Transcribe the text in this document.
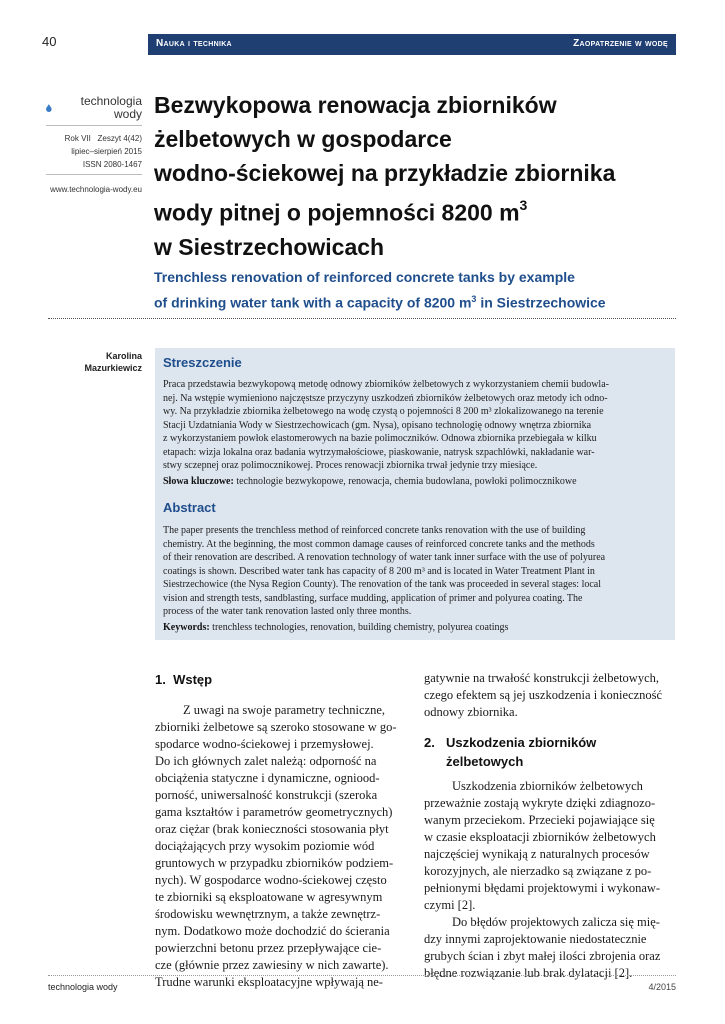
40	Nauka i technika	Zaopatrzenie w wodę
technologia wody
Rok VII   Zeszyt 4(42)
lipiec–sierpień 2015
ISSN 2080-1467
www.technologia-wody.eu
Bezwykopowa renowacja zbiorników
żelbetowych w gospodarce
wodno-ściekowej na przykładzie zbiornika
wody pitnej o pojemności 8200 $m^3$
w Siestrzechowicach
Trenchless renovation of reinforced concrete tanks by example
of drinking water tank with a capacity of 8200 $m^3$ in Siestrzechowice
Karolina
Mazurkiewicz Streszczenie
Praca przedstawia bezwykopową metodę odnowy zbiorników żelbetowych z wykorzystaniem chemii budowla-
nej. Na wstępie wymieniono najczęstsze przyczyny uszkodzeń zbiorników żelbetowych oraz metody ich odno-
wy. Na przykładzie zbiornika żelbetowego na wodę czystą o pojemności 8 200 m³ zlokalizowanego na terenie
Stacji Uzdatniania Wody w Siestrzechowicach (gm. Nysa), opisano technologię odnowy wnętrza zbiornika
z wykorzystaniem powłok elastomerowych na bazie polimoczników. Odnowa zbiornika przebiegała w kilku
etapach: wizja lokalna oraz badania wytrzymałościowe, piaskowanie, natrysk szpachlówki, nakładanie war-
stwy sczepnej oraz polimocznikowej. Proces renowacji zbiornika trwał jedynie trzy miesiące.
Słowa kluczowe: technologie bezwykopowe, renowacja, chemia budowlana, powłoki polimocznikowe
Abstract
The paper presents the trenchless method of reinforced concrete tanks renovation with the use of building
chemistry. At the beginning, the most common damage causes of reinforced concrete tanks and the methods
of their renovation are described. A renovation technology of water tank inner surface with the use of polyurea
coatings is shown. Described water tank has capacity of 8 200 m³ and is located in Water Treatment Plant in
Siestrzechowice (the Nysa Region County). The renovation of the tank was proceeded in several stages: local
vision and strength tests, sandblasting, surface mudding, application of primer and polyurea coating. The
process of the water tank renovation lasted only three months.
Keywords: trenchless technologies, renovation, building chemistry, polyurea coatings
1.  Wstęp
Z uwagi na swoje parametry techniczne,
zbiorniki żelbetowe są szeroko stosowane w go-
spodarce wodno-ściekowej i przemysłowej.
Do ich głównych zalet należą: odporność na
obciążenia statyczne i dynamiczne, ogniood-
porność, uniwersalność konstrukcji (szeroka
gama kształtów i parametrów geometrycznych)
oraz ciężar (brak konieczności stosowania płyt
dociążających przy wysokim poziomie wód
gruntowych w przypadku zbiorników podziem-
nych). W gospodarce wodno-ściekowej często
te zbiorniki są eksploatowane w agresywnym
środowisku wewnętrznym, a także zewnętrz-
nym. Dodatkowo może dochodzić do ścierania
powierzchni betonu przez przepływające cie-
cze (głównie przez zawiesiny w nich zawarte).
Trudne warunki eksploatacyjne wpływają ne-
gatywnie na trwałość konstrukcji żelbetowych,
czego efektem są jej uszkodzenia i konieczność
odnowy zbiornika.
2. Uszkodzenia zbiorników
żelbetowych
Uszkodzenia zbiorników żelbetowych
przeważnie zostają wykryte dzięki zdiagnozo-
wanym przeciekom. Przecieki pojawiające się
w czasie eksploatacji zbiorników żelbetowych
najczęściej wynikają z naturalnych procesów
korozyjnych, ale nierzadko są związane z po-
pełnionymi błędami projektowymi i wykonaw-
czymi [2].
Do błędów projektowych zalicza się mię-
dzy innymi zaprojektowanie niedostatecznie
grubych ścian i zbyt małej ilości zbrojenia oraz
błędne rozwiązanie lub brak dylatacji [2].
technologia wody	4/2015
